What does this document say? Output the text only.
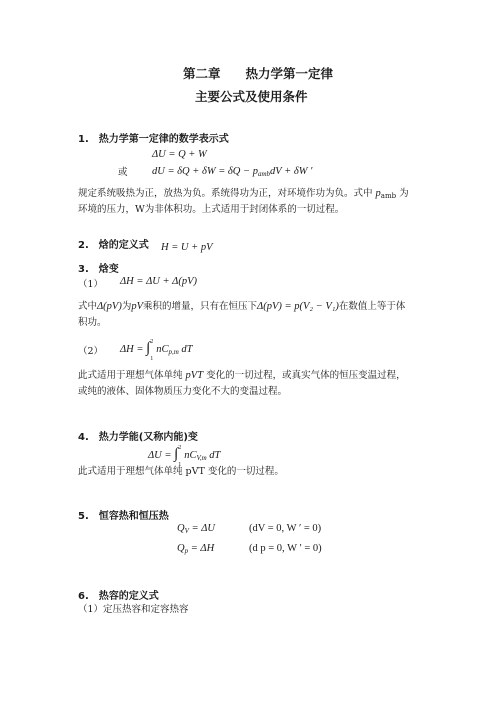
第二章　　热力学第一定律
主要公式及使用条件
1.　热力学第一定律的数学表示式
ΔU = Q + W
或 dU = $\delta Q + \delta W = \delta Q - p_{amb}dV + \delta W$ ′
规定系统吸热为正，放热为负。系统得功为正，对环境作功为负。式中 $p_{amb}$ 为
环境的压力，W为非体积功。上式适用于封闭体系的一切过程。
2.　焓的定义式 H = U + pV
3.　焓变
（1） ΔH = ΔU + Δ(pV)
式中Δ(pV)为pV乘积的增量，只有在恒压下Δ(pV) = p(V₂ − V₁)在数值上等于体
积功。
（2） ΔH = ∫ 2
1
$nC_{p,m}$ dT
此式适用于理想气体单纯 pVT 变化的一切过程，或真实气体的恒压变温过程，
或纯的液体、固体物质压力变化不大的变温过程。
4.　热力学能(又称内能)变
ΔU = ∫ 2
1
$nC_{V,m}$ dT
此式适用于理想气体单纯 pVT 变化的一切过程。
5.　恒容热和恒压热
$Q_V = \Delta U$	(dV = 0, W ′ = 0)
$Q_p = \Delta H$	(d p = 0, W ′ = 0)
6.　热容的定义式
（1）定压热容和定容热容
